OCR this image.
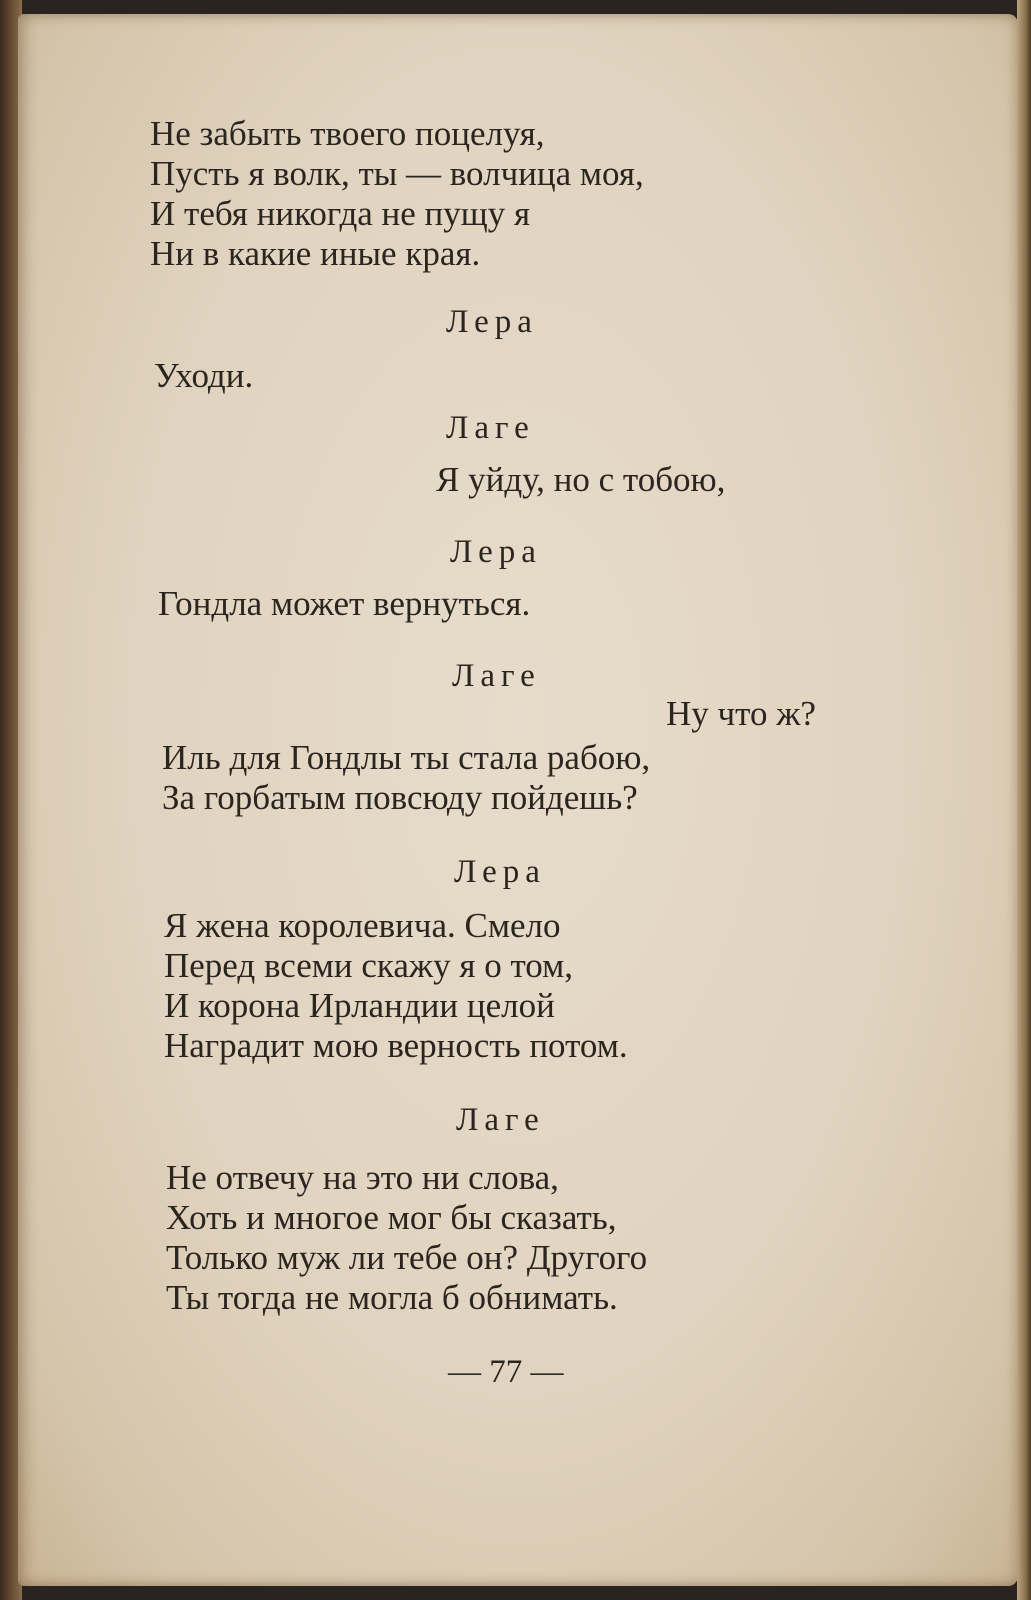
Не забыть твоего поцелуя,
Пусть я волк, ты — волчица моя,
И тебя никогда не пущу я
Ни в какие иные края.
Лера
Уходи.
Лаге
Я уйду, но с тобою,
Лера
Гондла может вернуться.
Лаге
Ну что ж?
Иль для Гондлы ты стала рабою,
За горбатым повсюду пойдешь?
Лера
Я жена королевича. Смело
Перед всеми скажу я о том,
И корона Ирландии целой
Наградит мою верность потом.
Лаге
Не отвечу на это ни слова,
Хоть и многое мог бы сказать,
Только муж ли тебе он? Другого
Ты тогда не могла б обнимать.
— 77 —
